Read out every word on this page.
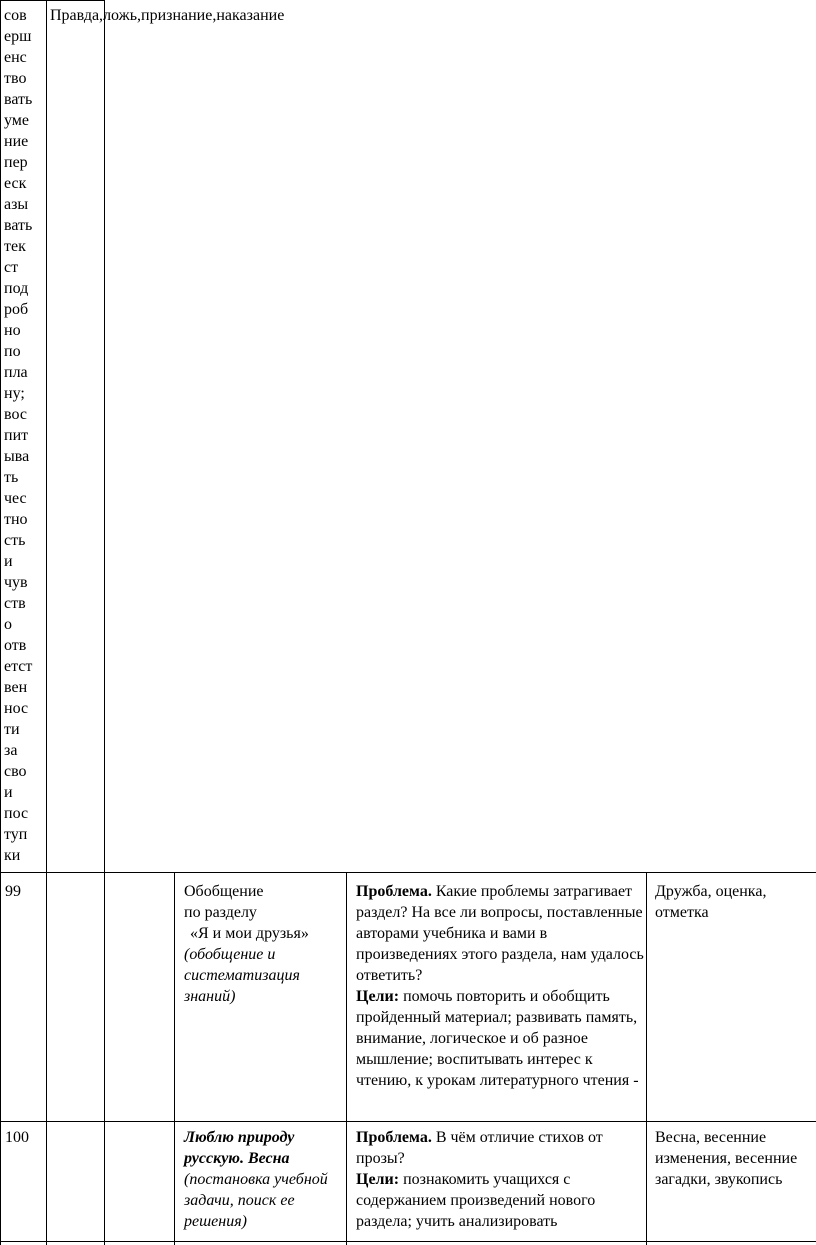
сов
ерш
енс
тво
вать
уме
ние
пер
еск
азы
вать
тек
ст
под
роб
но
по
пла
ну;
вос
пит
ыва
ть
чес
тно
сть
и
чув
ств
о
отв
етст
вен
нос
ти
за
сво
и
пос
туп
ки
Правда,ложь,признание,наказание
99	Обобщение
по разделу
«Я и мои друзья»
(обобщение и систематизация знаний)
Проблема. Какие проблемы затрагивает раздел? На все ли вопросы, поставленные авторами учебника и вами в произведениях этого раздела, нам удалось ответить?
Цели: помочь повторить и обобщить пройденный материал; развивать память, внимание, логическое и об разное мышление; воспитывать интерес к чтению, к урокам литературного чтения -
Дружба, оценка, отметка
100	Люблю природу русскую. Весна
(постановка учебной задачи, поиск ее решения)
Проблема. В чём отличие стихов от прозы?
Цели: познакомить учащихся с содержанием произведений нового раздела; учить анализировать
Весна, весенние изменения, весенние загадки, звукопись
